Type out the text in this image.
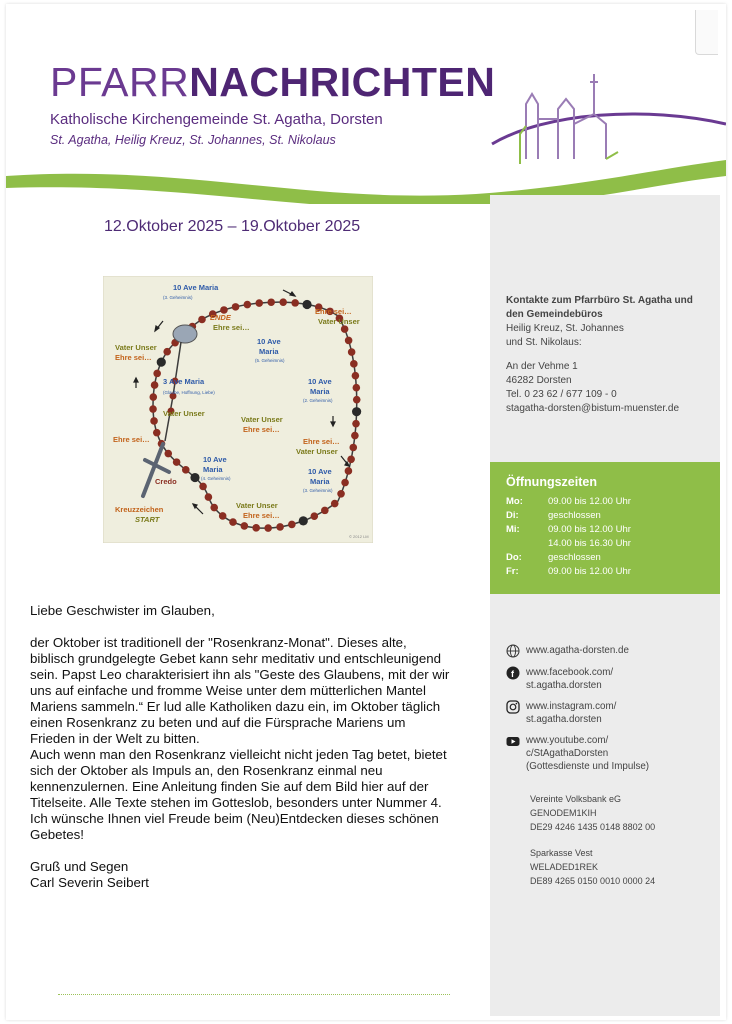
PFARRNACHRICHTEN
Katholische Kirchengemeinde St. Agatha, Dorsten
St. Agatha, Heilig Kreuz, St. Johannes, St. Nikolaus
12.Oktober 2025 – 19.Oktober 2025
10 Ave Maria
(3. Geheimnis)
Ehre sei…
Vater Unser
ENDE
Ehre sei…
Vater Unser
Ehre sei…
10 Ave
Maria
(5. Geheimnis)
10 Ave
Maria
(2. Geheimnis)
3 Ave Maria
(Glaube, Hoffnung, Liebe)
Vater Unser
Vater Unser
Ehre sei…
Ehre sei…
Vater Unser
Ehre sei…
10 Ave
Maria
(4. Geheimnis)
10 Ave
Maria
(3. Geheimnis)
Credo
Vater Unser
Ehre sei…
Kreuzzeichen
START
© 2012 LM
Kontakte zum Pfarrbüro St. Agatha und
den Gemeindebüros
Heilig Kreuz, St. Johannes
und St. Nikolaus:
An der Vehme 1
46282 Dorsten
Tel. 0 23 62 / 677 109 - 0
stagatha-dorsten@bistum-muenster.de
Öffnungszeiten
Mo:	09.00 bis 12.00 Uhr
Di:	geschlossen
Mi:	09.00 bis 12.00 Uhr
14.00 bis 16.30 Uhr
Do:	geschlossen
Fr:	09.00 bis 12.00 Uhr
www.agatha-dorsten.de
f www.facebook.com/
st.agatha.dorsten
www.instagram.com/
st.agatha.dorsten
www.youtube.com/
c/StAgathaDorsten
(Gottesdienste und Impulse)
Vereinte Volksbank eG
GENODEM1KIH
DE29 4246 1435 0148 8802 00
Sparkasse Vest
WELADED1REK
DE89 4265 0150 0010 0000 24

Liebe Geschwister im Glauben,

der Oktober ist traditionell der "Rosenkranz-Monat". Dieses alte, biblisch grundgelegte Gebet kann sehr meditativ und entschleunigend sein. Papst Leo charakterisiert ihn als "Geste des Glaubens, mit der wir uns auf einfache und fromme Weise unter dem mütterlichen Mantel Mariens sammeln.“ Er lud alle Katholiken dazu ein, im Oktober täglich einen Rosenkranz zu beten und auf die Fürsprache Mariens um Frieden in der Welt zu bitten.

Auch wenn man den Rosenkranz vielleicht nicht jeden Tag betet, bietet sich der Oktober als Impuls an, den Rosenkranz einmal neu kennenzulernen. Eine Anleitung finden Sie auf dem Bild hier auf der Titelseite. Alle Texte stehen im Gotteslob, besonders unter Nummer 4.

Ich wünsche Ihnen viel Freude beim (Neu)Entdecken dieses schönen Gebetes!

Gruß und Segen

Carl Severin Seibert
